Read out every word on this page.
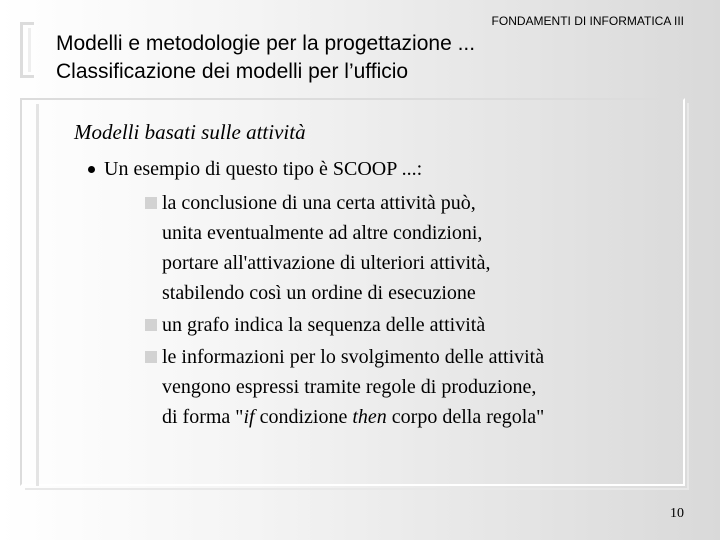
FONDAMENTI DI INFORMATICA III
Modelli e metodologie per la progettazione ...
Classificazione dei modelli per l’ufficio
Modelli basati sulle attività
Un esempio di questo tipo è SCOOP ...:
la conclusione di una certa attività può,
unita eventualmente ad altre condizioni,
portare all'attivazione di ulteriori attività,
stabilendo così un ordine di esecuzione
un grafo indica la sequenza delle attività
le informazioni per lo svolgimento delle attività
vengono espressi tramite regole di produzione,
di forma "if condizione then corpo della regola"
10
